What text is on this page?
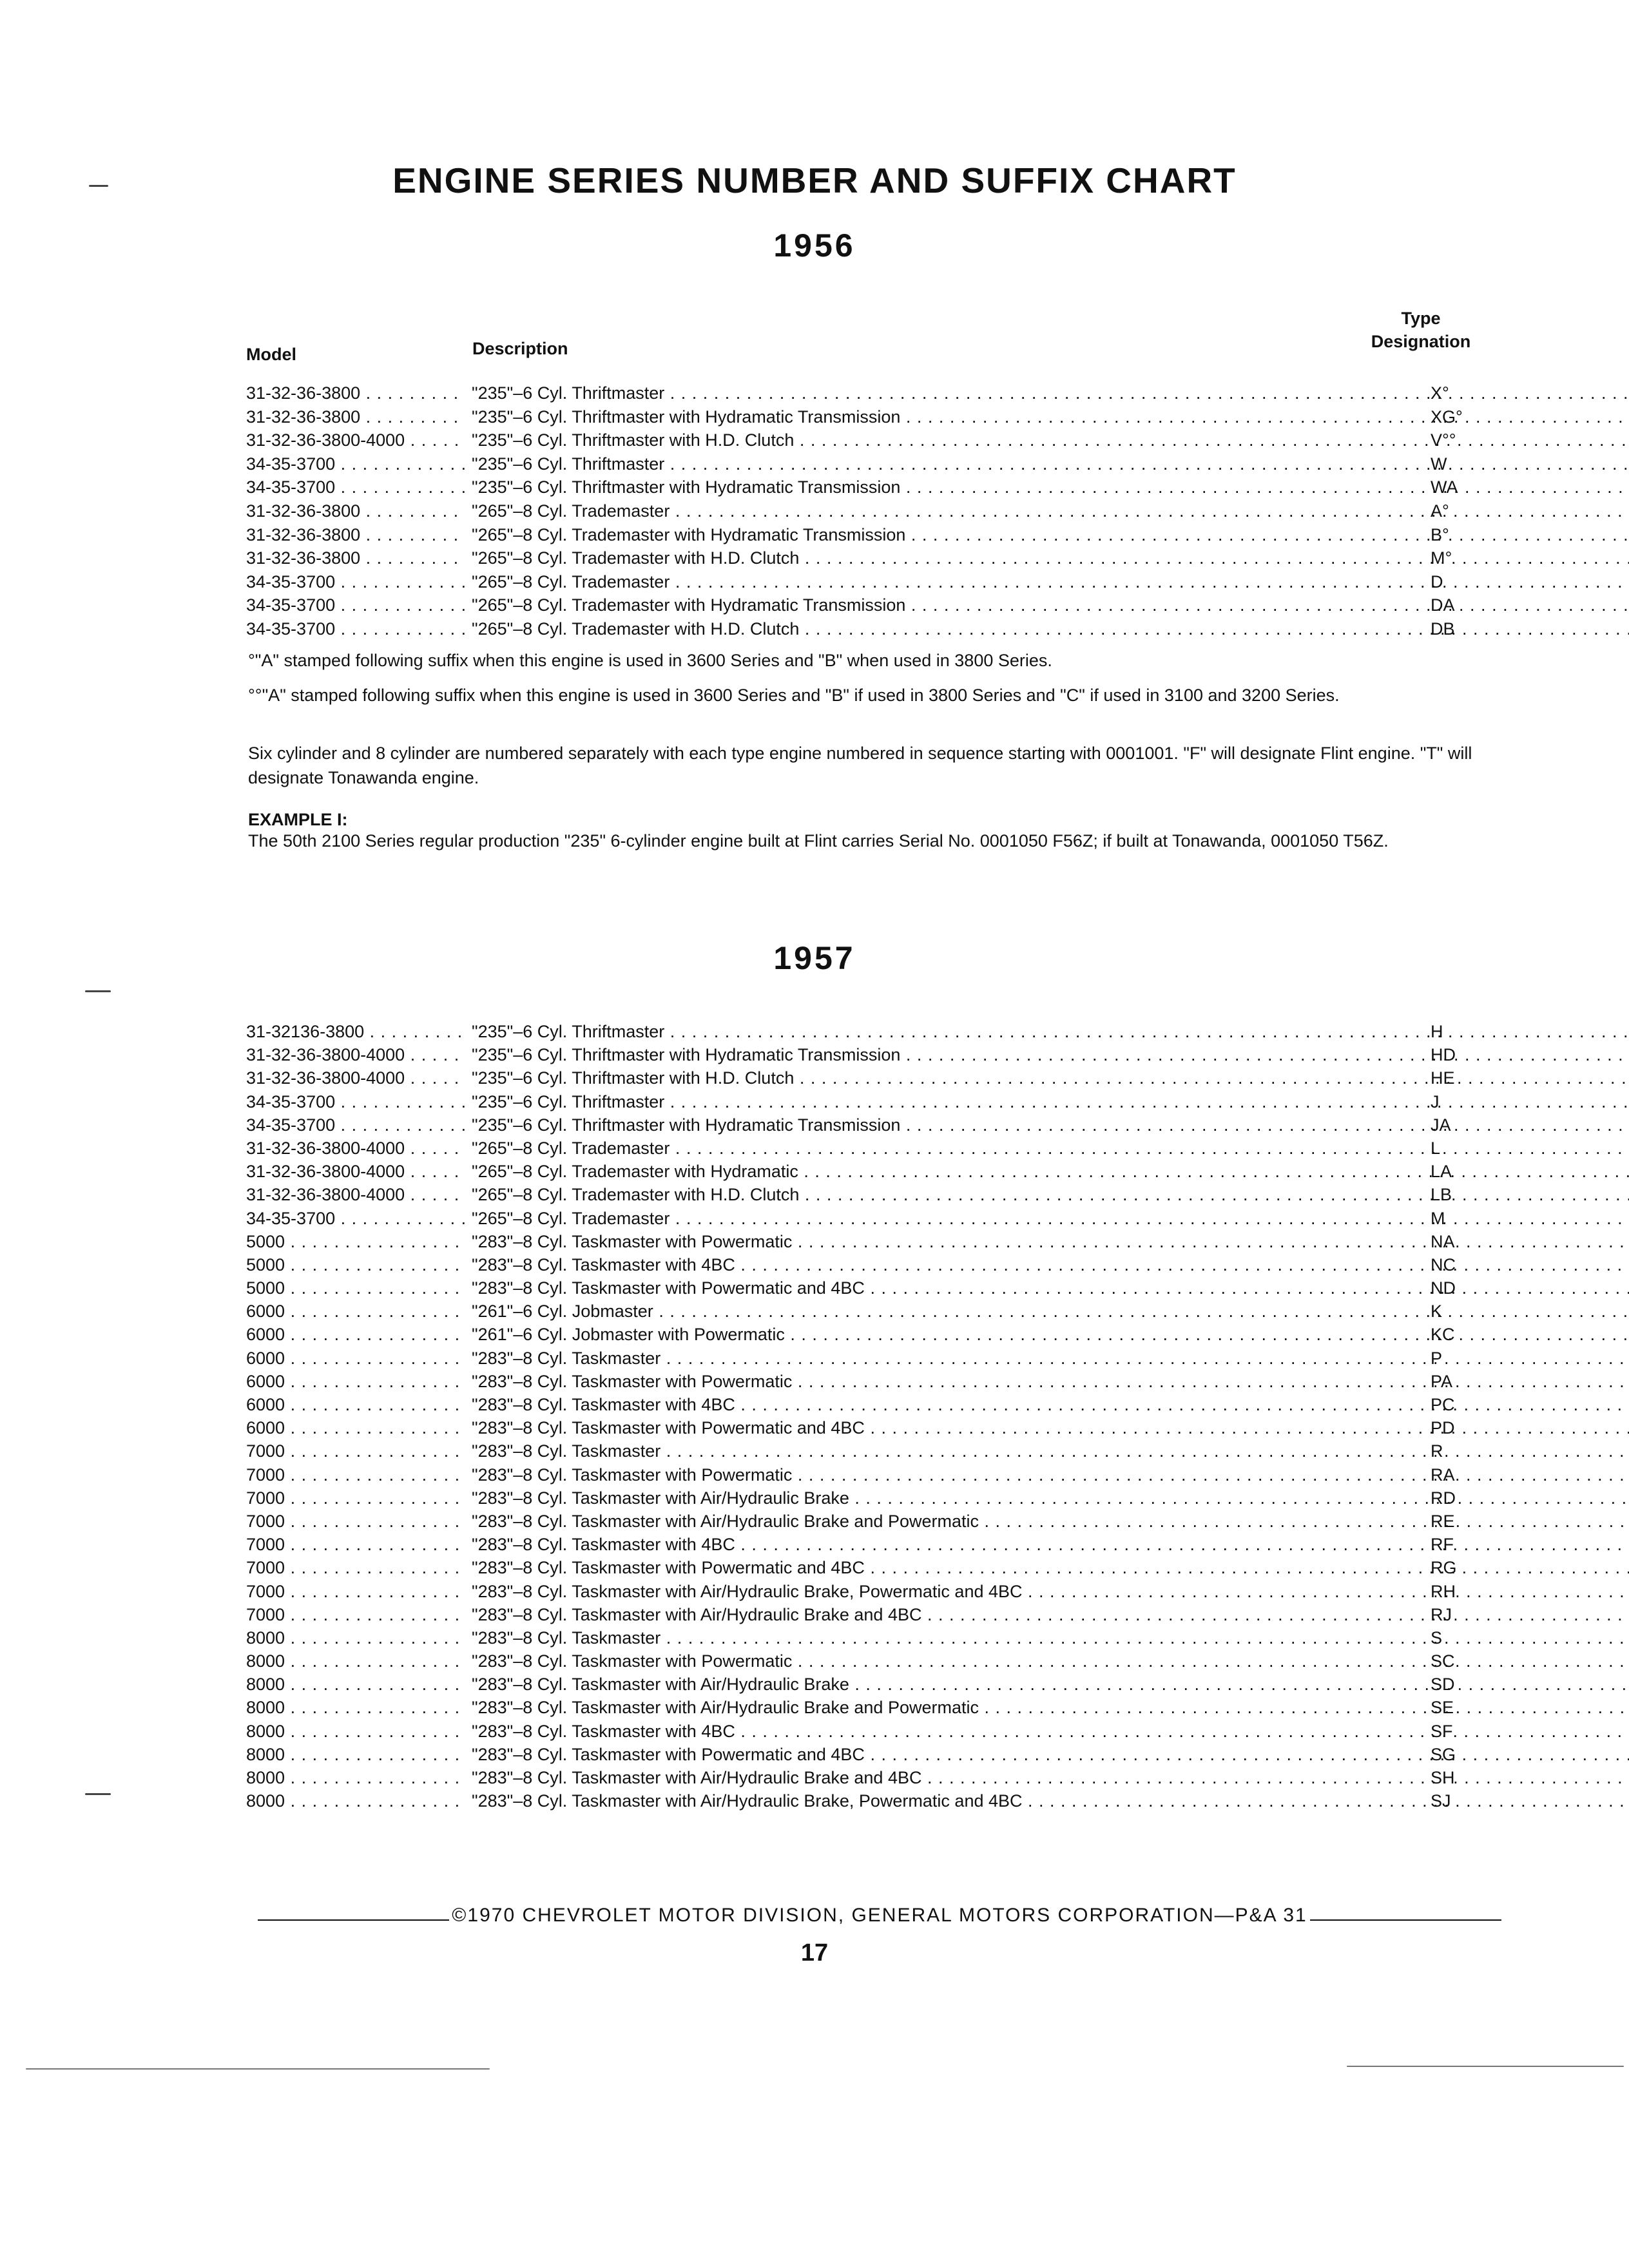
ENGINE SERIES NUMBER AND SUFFIX CHART
1956
Model	Description
Type
Designation
31-32-36-3800 . . .	"235"–6 Cyl. Thriftmaster . . .	X°
31-32-36-3800 . . .	"235"–6 Cyl. Thriftmaster with Hydramatic Transmission . . .	XG°
31-32-36-3800-4000 . . .	"235"–6 Cyl. Thriftmaster with H.D. Clutch . . .	V°°
34-35-3700 . . .	"235"–6 Cyl. Thriftmaster . . .	W
34-35-3700 . . .	"235"–6 Cyl. Thriftmaster with Hydramatic Transmission . . .	WA
31-32-36-3800 . . .	"265"–8 Cyl. Trademaster . . .	A°
31-32-36-3800 . . .	"265"–8 Cyl. Trademaster with Hydramatic Transmission . . .	B°
31-32-36-3800 . . .	"265"–8 Cyl. Trademaster with H.D. Clutch . . .	M°
34-35-3700 . . .	"265"–8 Cyl. Trademaster . . .	D
34-35-3700 . . .	"265"–8 Cyl. Trademaster with Hydramatic Transmission . . .	DA
34-35-3700 . . .	"265"–8 Cyl. Trademaster with H.D. Clutch . . .	DB
°"A" stamped following suffix when this engine is used in 3600 Series and "B" when used in 3800 Series.
°°"A" stamped following suffix when this engine is used in 3600 Series and "B" if used in 3800 Series and "C" if used in 3100 and 3200 Series.
Six cylinder and 8 cylinder are numbered separately with each type engine numbered in sequence starting with 0001001. "F" will designate Flint engine. "T" will designate Tonawanda engine.
EXAMPLE I:
The 50th 2100 Series regular production "235" 6-cylinder engine built at Flint carries Serial No. 0001050 F56Z; if built at Tonawanda, 0001050 T56Z.
1957
31-32136-3800 . . .	"235"–6 Cyl. Thriftmaster . . .	H
31-32-36-3800-4000 . . .	"235"–6 Cyl. Thriftmaster with Hydramatic Transmission . . .	HD
31-32-36-3800-4000 . . .	"235"–6 Cyl. Thriftmaster with H.D. Clutch . . .	HE
34-35-3700 . . .	"235"–6 Cyl. Thriftmaster . . .	J
34-35-3700 . . .	"235"–6 Cyl. Thriftmaster with Hydramatic Transmission . . .	JA
31-32-36-3800-4000 . . .	"265"–8 Cyl. Trademaster . . .	L
31-32-36-3800-4000 . . .	"265"–8 Cyl. Trademaster with Hydramatic . . .	LA
31-32-36-3800-4000 . . .	"265"–8 Cyl. Trademaster with H.D. Clutch . . .	LB
34-35-3700 . . .	"265"–8 Cyl. Trademaster . . .	M
5000 . . .	"283"–8 Cyl. Taskmaster with Powermatic . . .	NA
5000 . . .	"283"–8 Cyl. Taskmaster with 4BC . . .	NC
5000 . . .	"283"–8 Cyl. Taskmaster with Powermatic and 4BC . . .	ND
6000 . . .	"261"–6 Cyl. Jobmaster . . .	K
6000 . . .	"261"–6 Cyl. Jobmaster with Powermatic . . .	KC
6000 . . .	"283"–8 Cyl. Taskmaster . . .	P
6000 . . .	"283"–8 Cyl. Taskmaster with Powermatic . . .	PA
6000 . . .	"283"–8 Cyl. Taskmaster with 4BC . . .	PC
6000 . . .	"283"–8 Cyl. Taskmaster with Powermatic and 4BC . . .	PD
7000 . . .	"283"–8 Cyl. Taskmaster . . .	R
7000 . . .	"283"–8 Cyl. Taskmaster with Powermatic . . .	RA
7000 . . .	"283"–8 Cyl. Taskmaster with Air/Hydraulic Brake . . .	RD
7000 . . .	"283"–8 Cyl. Taskmaster with Air/Hydraulic Brake and Powermatic . . .	RE
7000 . . .	"283"–8 Cyl. Taskmaster with 4BC . . .	RF
7000 . . .	"283"–8 Cyl. Taskmaster with Powermatic and 4BC . . .	RG
7000 . . .	"283"–8 Cyl. Taskmaster with Air/Hydraulic Brake, Powermatic and 4BC . . .	RH
7000 . . .	"283"–8 Cyl. Taskmaster with Air/Hydraulic Brake and 4BC . . .	RJ
8000 . . .	"283"–8 Cyl. Taskmaster . . .	S
8000 . . .	"283"–8 Cyl. Taskmaster with Powermatic . . .	SC
8000 . . .	"283"–8 Cyl. Taskmaster with Air/Hydraulic Brake . . .	SD
8000 . . .	"283"–8 Cyl. Taskmaster with Air/Hydraulic Brake and Powermatic . . .	SE
8000 . . .	"283"–8 Cyl. Taskmaster with 4BC . . .	SF
8000 . . .	"283"–8 Cyl. Taskmaster with Powermatic and 4BC . . .	SG
8000 . . .	"283"–8 Cyl. Taskmaster with Air/Hydraulic Brake and 4BC . . .	SH
8000 . . .	"283"–8 Cyl. Taskmaster with Air/Hydraulic Brake, Powermatic and 4BC . . .	SJ
©1970 CHEVROLET MOTOR DIVISION, GENERAL MOTORS CORPORATION—P&A 31
17
